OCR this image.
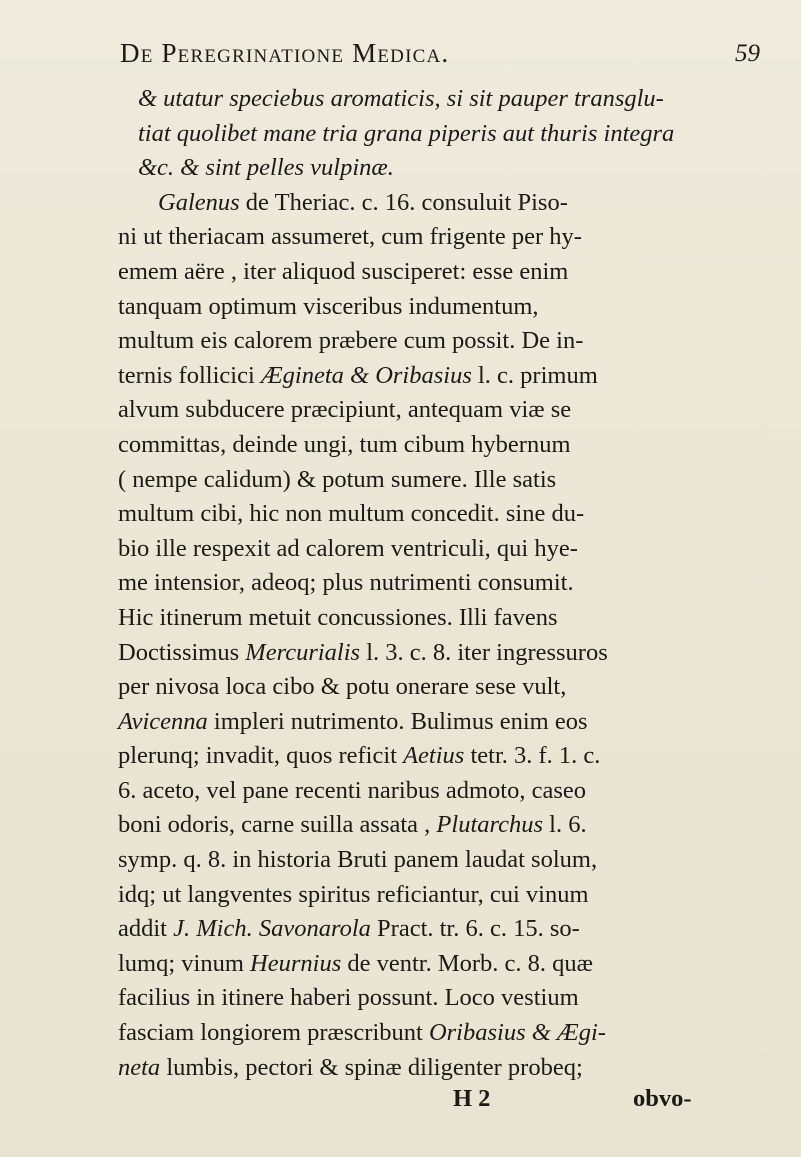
De Peregrinatione Medica.	59
& utatur speciebus aromaticis, si sit pauper transglu-
tiat quolibet mane tria grana piperis aut thuris integra
&c. & sint pelles vulpinæ.
Galenus de Theriac. c. 16. consuluit Piso-
ni ut theriacam assumeret, cum frigente per hy-
emem aëre , iter aliquod susciperet: esse enim
tanquam optimum visceribus indumentum,
multum eis calorem præbere cum possit. De in-
ternis follicici Ægineta & Oribasius l. c. primum
alvum subducere præcipiunt, antequam viæ se
committas, deinde ungi, tum cibum hybernum
( nempe calidum) & potum sumere. Ille satis
multum cibi, hic non multum concedit. sine du-
bio ille respexit ad calorem ventriculi, qui hye-
me intensior, adeoq; plus nutrimenti consumit.
Hic itinerum metuit concussiones. Illi favens
Doctissimus Mercurialis l. 3. c. 8. iter ingressuros
per nivosa loca cibo & potu onerare sese vult,
Avicenna impleri nutrimento. Bulimus enim eos
plerunq; invadit, quos reficit Aetius tetr. 3. f. 1. c.
6. aceto, vel pane recenti naribus admoto, caseo
boni odoris, carne suilla assata , Plutarchus l. 6.
symp. q. 8. in historia Bruti panem laudat solum,
idq; ut langventes spiritus reficiantur, cui vinum
addit J. Mich. Savonarola Pract. tr. 6. c. 15. so-
lumq; vinum Heurnius de ventr. Morb. c. 8. quæ
facilius in itinere haberi possunt. Loco vestium
fasciam longiorem præscribunt Oribasius & Ægi-
neta lumbis, pectori & spinæ diligenter probeq;
H 2	obvo-
